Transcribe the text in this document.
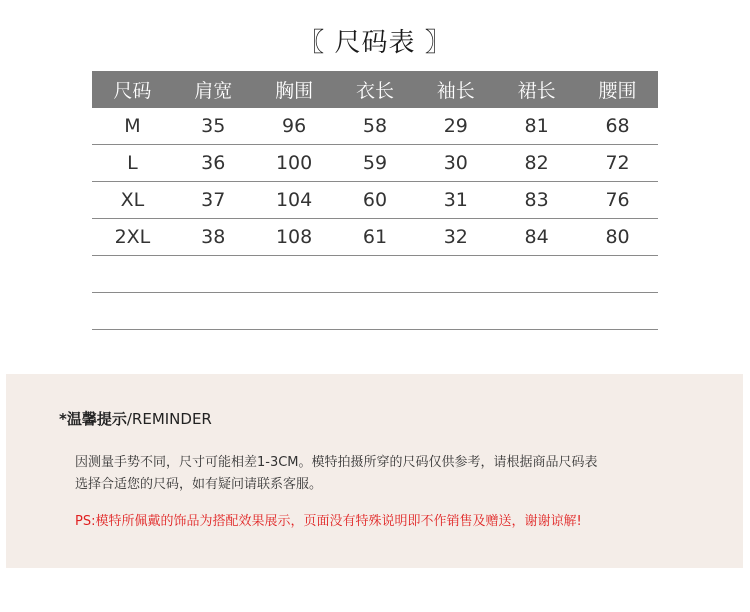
〖 尺码表 〗
尺码	肩宽	胸围	衣长	袖长	裙长	腰围
M	35	96	58	29	81	68
L	36	100	59	30	82	72
XL	37	104	60	31	83	76
2XL	38	108	61	32	84	80

*温馨提示/REMINDER
因测量手势不同，尺寸可能相差1-3CM。模特拍摄所穿的尺码仅供参考，请根据商品尺码表
选择合适您的尺码，如有疑问请联系客服。
PS:模特所佩戴的饰品为搭配效果展示，页面没有特殊说明即不作销售及赠送，谢谢谅解!
